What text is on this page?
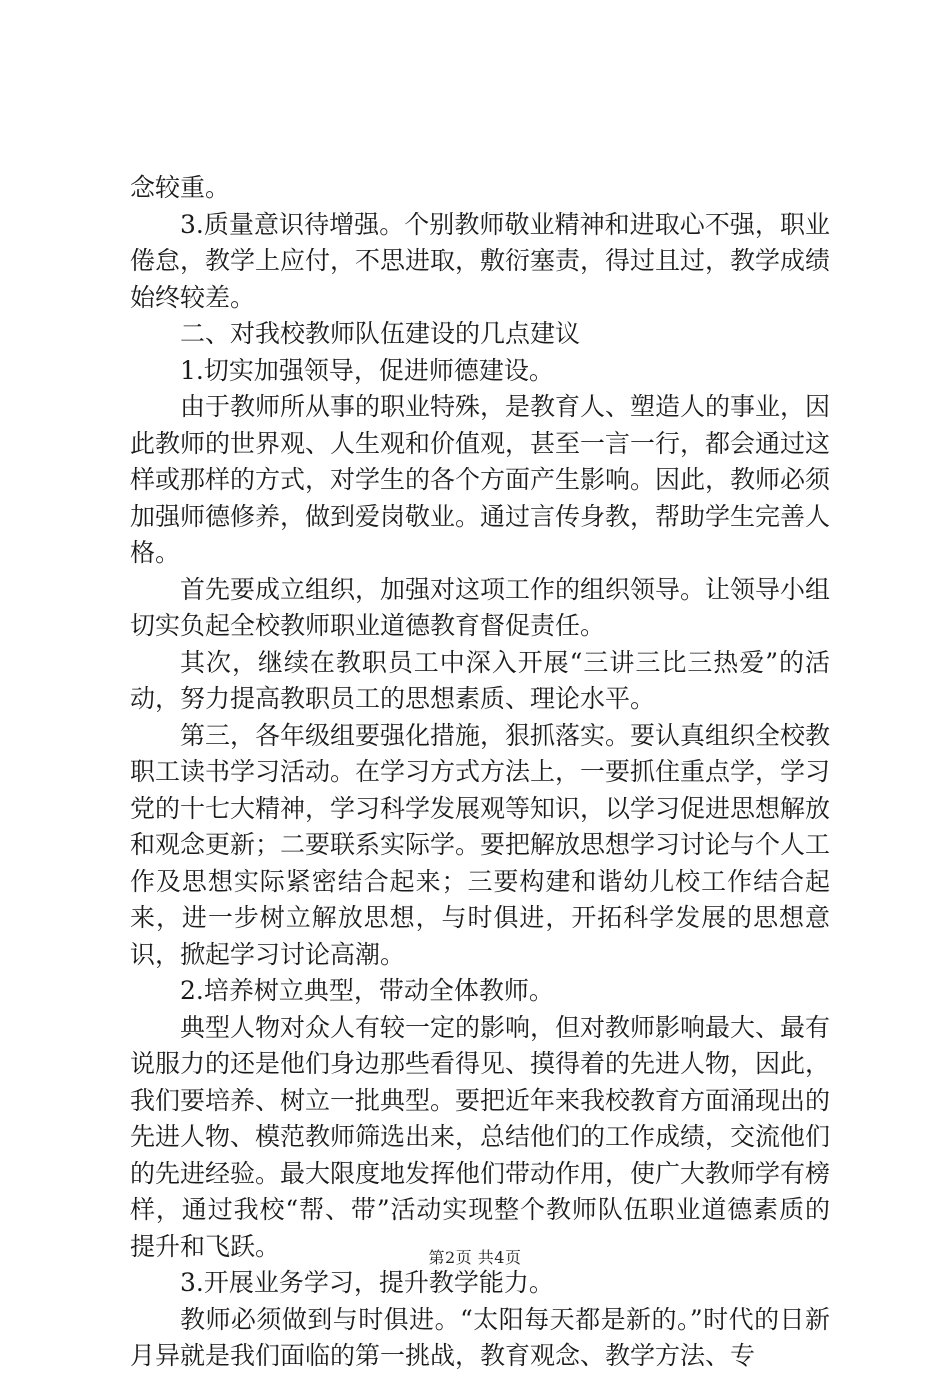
念较重。

3.质量意识待增强。个别教师敬业精神和进取心不强，职业倦怠，教学上应付，不思进取，敷衍塞责，得过且过，教学成绩始终较差。

二、对我校教师队伍建设的几点建议

1.切实加强领导，促进师德建设。

由于教师所从事的职业特殊，是教育人、塑造人的事业，因此教师的世界观、人生观和价值观，甚至一言一行，都会通过这样或那样的方式，对学生的各个方面产生影响。因此，教师必须加强师德修养，做到爱岗敬业。通过言传身教，帮助学生完善人格。

首先要成立组织，加强对这项工作的组织领导。让领导小组切实负起全校教师职业道德教育督促责任。

其次，继续在教职员工中深入开展“三讲三比三热爱”的活动，努力提高教职员工的思想素质、理论水平。

第三，各年级组要强化措施，狠抓落实。要认真组织全校教职工读书学习活动。在学习方式方法上，一要抓住重点学，学习党的十七大精神，学习科学发展观等知识，以学习促进思想解放和观念更新；二要联系实际学。要把解放思想学习讨论与个人工作及思想实际紧密结合起来；三要构建和谐幼儿校工作结合起来，进一步树立解放思想，与时俱进，开拓科学发展的思想意识，掀起学习讨论高潮。

2.培养树立典型，带动全体教师。

典型人物对众人有较一定的影响，但对教师影响最大、最有说服力的还是他们身边那些看得见、摸得着的先进人物，因此，我们要培养、树立一批典型。要把近年来我校教育方面涌现出的先进人物、模范教师筛选出来，总结他们的工作成绩，交流他们的先进经验。最大限度地发挥他们带动作用，使广大教师学有榜样，通过我校“帮、带”活动实现整个教师队伍职业道德素质的提升和飞跃。

3.开展业务学习，提升教学能力。

教师必须做到与时俱进。“太阳每天都是新的。”时代的日新月异就是我们面临的第一挑战，教育观念、教学方法、专

第2页 共4页
